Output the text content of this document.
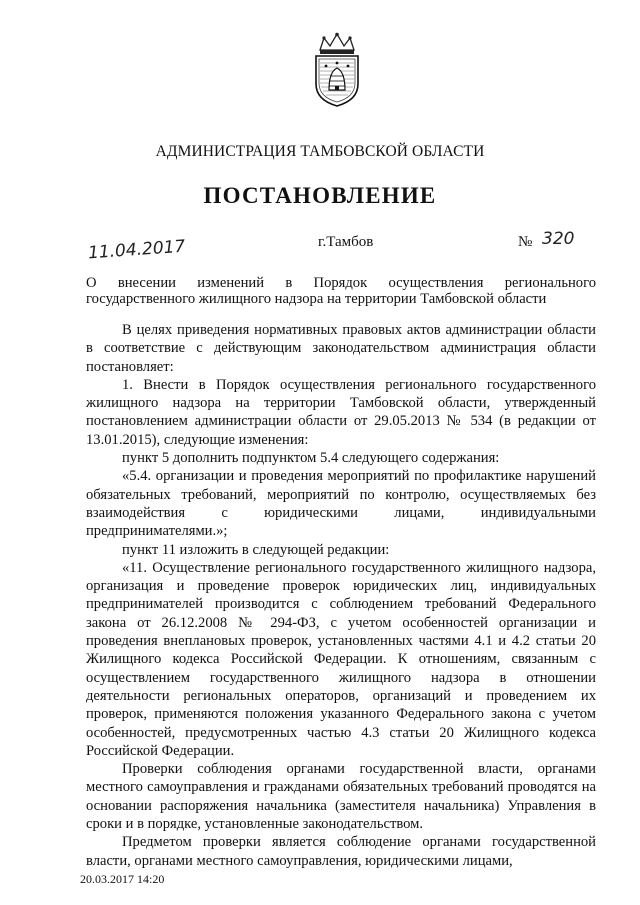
АДМИНИСТРАЦИЯ ТАМБОВСКОЙ ОБЛАСТИ
ПОСТАНОВЛЕНИЕ
11.04.2017	г.Тамбов	№ 320
О внесении изменений в Порядок осуществления регионального
государственного жилищного надзора на территории Тамбовской области

В целях приведения нормативных правовых актов администрации области в соответствие с действующим законодательством администрация области постановляет:

1. Внести в Порядок осуществления регионального государственного жилищного надзора на территории Тамбовской области, утвержденный постановлением администрации области от 29.05.2013 № 534 (в редакции от 13.01.2015), следующие изменения:

пункт 5 дополнить подпунктом 5.4 следующего содержания:

«5.4. организации и проведения мероприятий по профилактике нарушений обязательных требований, мероприятий по контролю, осуществляемых без взаимодействия с юридическими лицами, индивидуальными предпринимателями.»;

пункт 11 изложить в следующей редакции:

«11. Осуществление регионального государственного жилищного надзора, организация и проведение проверок юридических лиц, индивидуальных предпринимателей производится с соблюдением требований Федерального закона от 26.12.2008 № 294-ФЗ, с учетом особенностей организации и проведения внеплановых проверок, установленных частями 4.1 и 4.2 статьи 20 Жилищного кодекса Российской Федерации. К отношениям, связанным с осуществлением государственного жилищного надзора в отношении деятельности региональных операторов, организаций и проведением их проверок, применяются положения указанного Федерального закона с учетом особенностей, предусмотренных частью 4.3 статьи 20 Жилищного кодекса Российской Федерации.

Проверки соблюдения органами государственной власти, органами местного самоуправления и гражданами обязательных требований проводятся на основании распоряжения начальника (заместителя начальника) Управления в сроки и в порядке, установленные законодательством.

Предметом проверки является соблюдение органами государственной власти, органами местного самоуправления, юридическими лицами,

20.03.2017 14:20
